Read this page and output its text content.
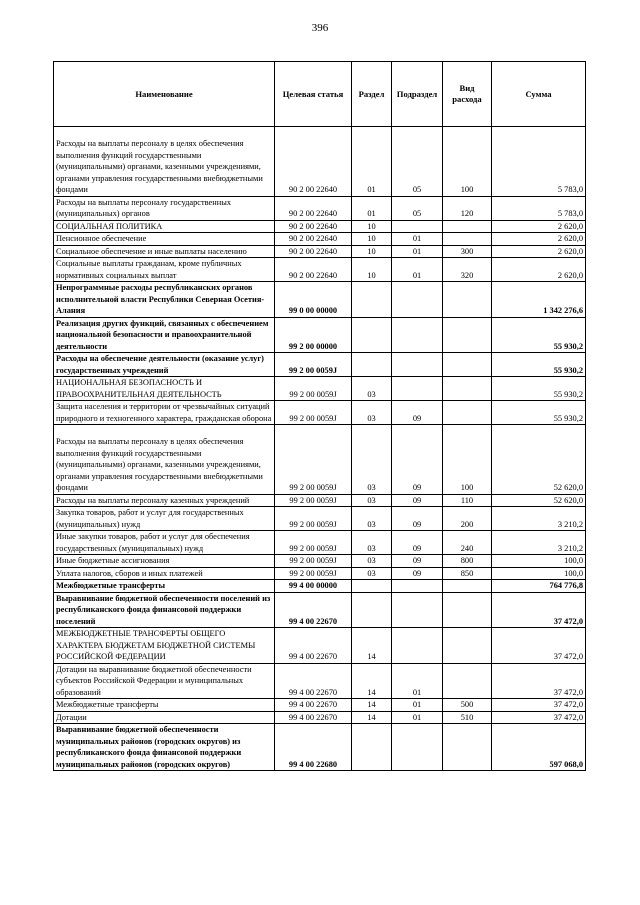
396
Наименование	Целевая статья	Раздел	Подраздел	Вид расхода	Сумма
Расходы на выплаты персоналу в целях обеспечения выполнения функций государственными (муниципальными) органами, казенными учреждениями, органами управления государственными внебюджетными фондами	90 2 00 22640	01	05	100	5 783,0
Расходы на выплаты персоналу государственных (муниципальных) органов	90 2 00 22640	01	05	120	5 783,0
СОЦИАЛЬНАЯ ПОЛИТИКА	90 2 00 22640	10			2 620,0
Пенсионное обеспечение	90 2 00 22640	10	01		2 620,0
Социальное обеспечение и иные выплаты населению	90 2 00 22640	10	01	300	2 620,0
Социальные выплаты гражданам, кроме публичных нормативных социальных выплат	90 2 00 22640	10	01	320	2 620,0
Непрограммные расходы республиканских органов исполнительной власти Республики Северная Осетия-Алания	99 0 00 00000				1 342 276,6
Реализация других функций, связанных с обеспечением национальной безопасности и правоохранительной деятельности	99 2 00 00000				55 930,2
Расходы на обеспечение деятельности (оказание услуг) государственных учреждений	99 2 00 0059J				55 930,2
НАЦИОНАЛЬНАЯ БЕЗОПАСНОСТЬ И ПРАВООХРАНИТЕЛЬНАЯ ДЕЯТЕЛЬНОСТЬ	99 2 00 0059J	03			55 930,2
Защита населения и территории от чрезвычайных ситуаций природного и техногенного характера, гражданская оборона	99 2 00 0059J	03	09		55 930,2
Расходы на выплаты персоналу в целях обеспечения выполнения функций государственными (муниципальными) органами, казенными учреждениями, органами управления государственными внебюджетными фондами	99 2 00 0059J	03	09	100	52 620,0
Расходы на выплаты персоналу казенных учреждений	99 2 00 0059J	03	09	110	52 620,0
Закупка товаров, работ и услуг для государственных (муниципальных) нужд	99 2 00 0059J	03	09	200	3 210,2
Иные закупки товаров, работ и услуг для обеспечения государственных (муниципальных) нужд	99 2 00 0059J	03	09	240	3 210,2
Иные бюджетные ассигнования	99 2 00 0059J	03	09	800	100,0
Уплата налогов, сборов и иных платежей	99 2 00 0059J	03	09	850	100,0
Межбюджетные трансферты	99 4 00 00000				764 776,8
Выравнивание бюджетной обеспеченности поселений из республиканского фонда финансовой поддержки поселений	99 4 00 22670				37 472,0
МЕЖБЮДЖЕТНЫЕ ТРАНСФЕРТЫ ОБЩЕГО ХАРАКТЕРА БЮДЖЕТАМ БЮДЖЕТНОЙ СИСТЕМЫ РОССИЙСКОЙ ФЕДЕРАЦИИ	99 4 00 22670	14			37 472,0
Дотации на выравнивание бюджетной обеспеченности субъектов Российской Федерации и муниципальных образований	99 4 00 22670	14	01		37 472,0
Межбюджетные трансферты	99 4 00 22670	14	01	500	37 472,0
Дотации	99 4 00 22670	14	01	510	37 472,0
Выравнивание бюджетной обеспеченности муниципальных районов (городских округов) из республиканского фонда финансовой поддержки муниципальных районов (городских округов)	99 4 00 22680				597 068,0
